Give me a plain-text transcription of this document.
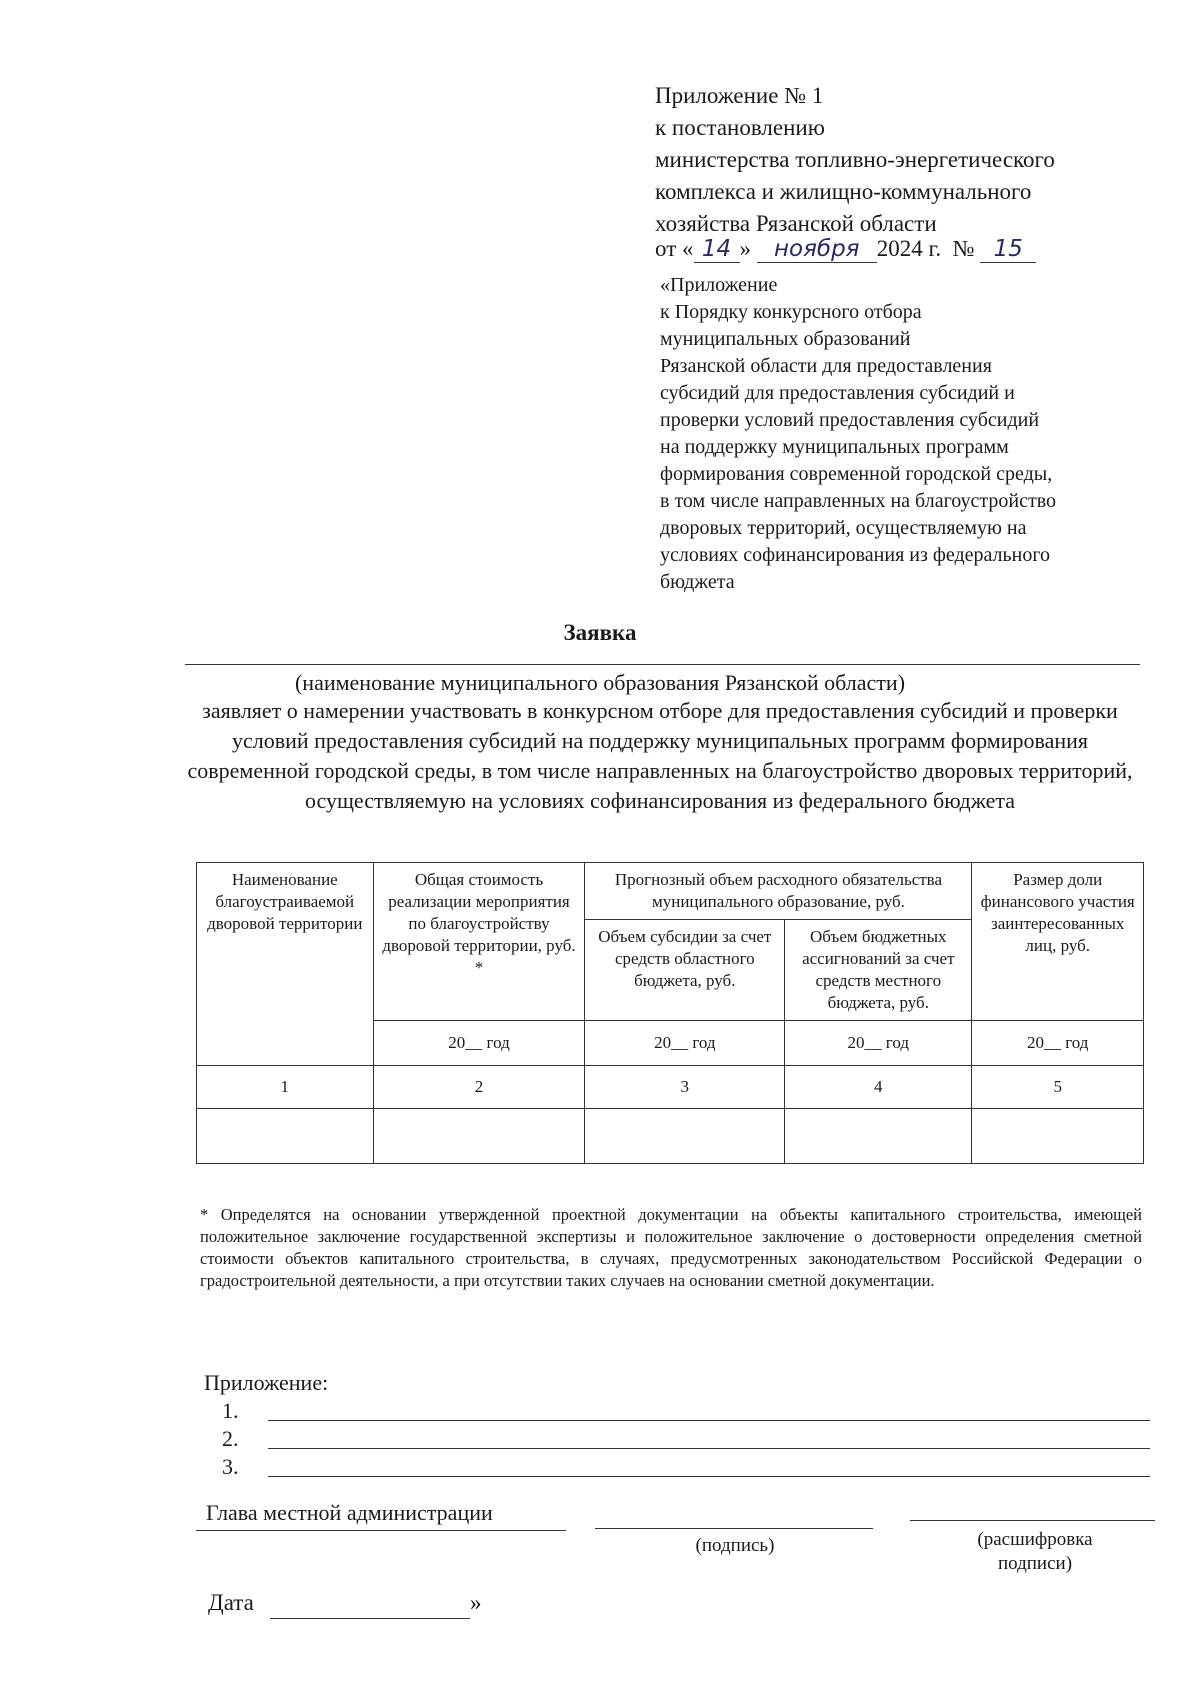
Приложение № 1
к постановлению
министерства топливно-энергетического
комплекса и жилищно-коммунального
хозяйства Рязанской области
от « 14 » ноября 2024 г. № 15
«Приложение
к Порядку конкурсного отбора
муниципальных образований
Рязанской области для предоставления
субсидий для предоставления субсидий и
проверки условий предоставления субсидий
на поддержку муниципальных программ
формирования современной городской среды,
в том числе направленных на благоустройство
дворовых территорий, осуществляемую на
условиях софинансирования из федерального
бюджета
Заявка
(наименование муниципального образования Рязанской области)
заявляет о намерении участвовать в конкурсном отборе для предоставления субсидий и проверки условий предоставления субсидий на поддержку муниципальных программ формирования современной городской среды, в том числе направленных на благоустройство дворовых территорий, осуществляемую на условиях софинансирования из федерального бюджета
Наименование благоустраиваемой дворовой территории	Общая стоимость реализации мероприятия по благоустройству дворовой территории, руб. *	Прогнозный объем расходного обязательства муниципального образование, руб.		Размер доли финансового участия заинтересованных лиц, руб.
		Объем субсидии за счет средств областного бюджета, руб.	Объем бюджетных ассигнований за счет средств местного бюджета, руб.	
	20__ год	20__ год	20__ год	20__ год
1	2	3	4	5

* Определятся на основании утвержденной проектной документации на объекты капитального строительства, имеющей положительное заключение государственной экспертизы и положительное заключение о достоверности определения сметной стоимости объектов капитального строительства, в случаях, предусмотренных законодательством Российской Федерации о градостроительной деятельности, а при отсутствии таких случаев на основании сметной документации.
Приложение:
1.
2.
3.
Глава местной администрации
(подпись)	(расшифровка
подписи)
Дата	»
